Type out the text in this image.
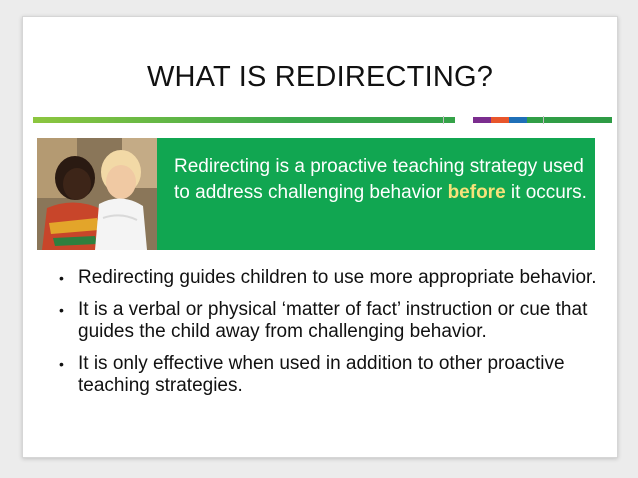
WHAT IS REDIRECTING?
Redirecting is a proactive teaching strategy used to address challenging behavior before it occurs.
• Redirecting guides children to use more appropriate behavior.
• It is a verbal or physical ‘matter of fact’ instruction or cue that guides the child away from challenging behavior.
• It is only effective when used in addition to other proactive teaching strategies.
